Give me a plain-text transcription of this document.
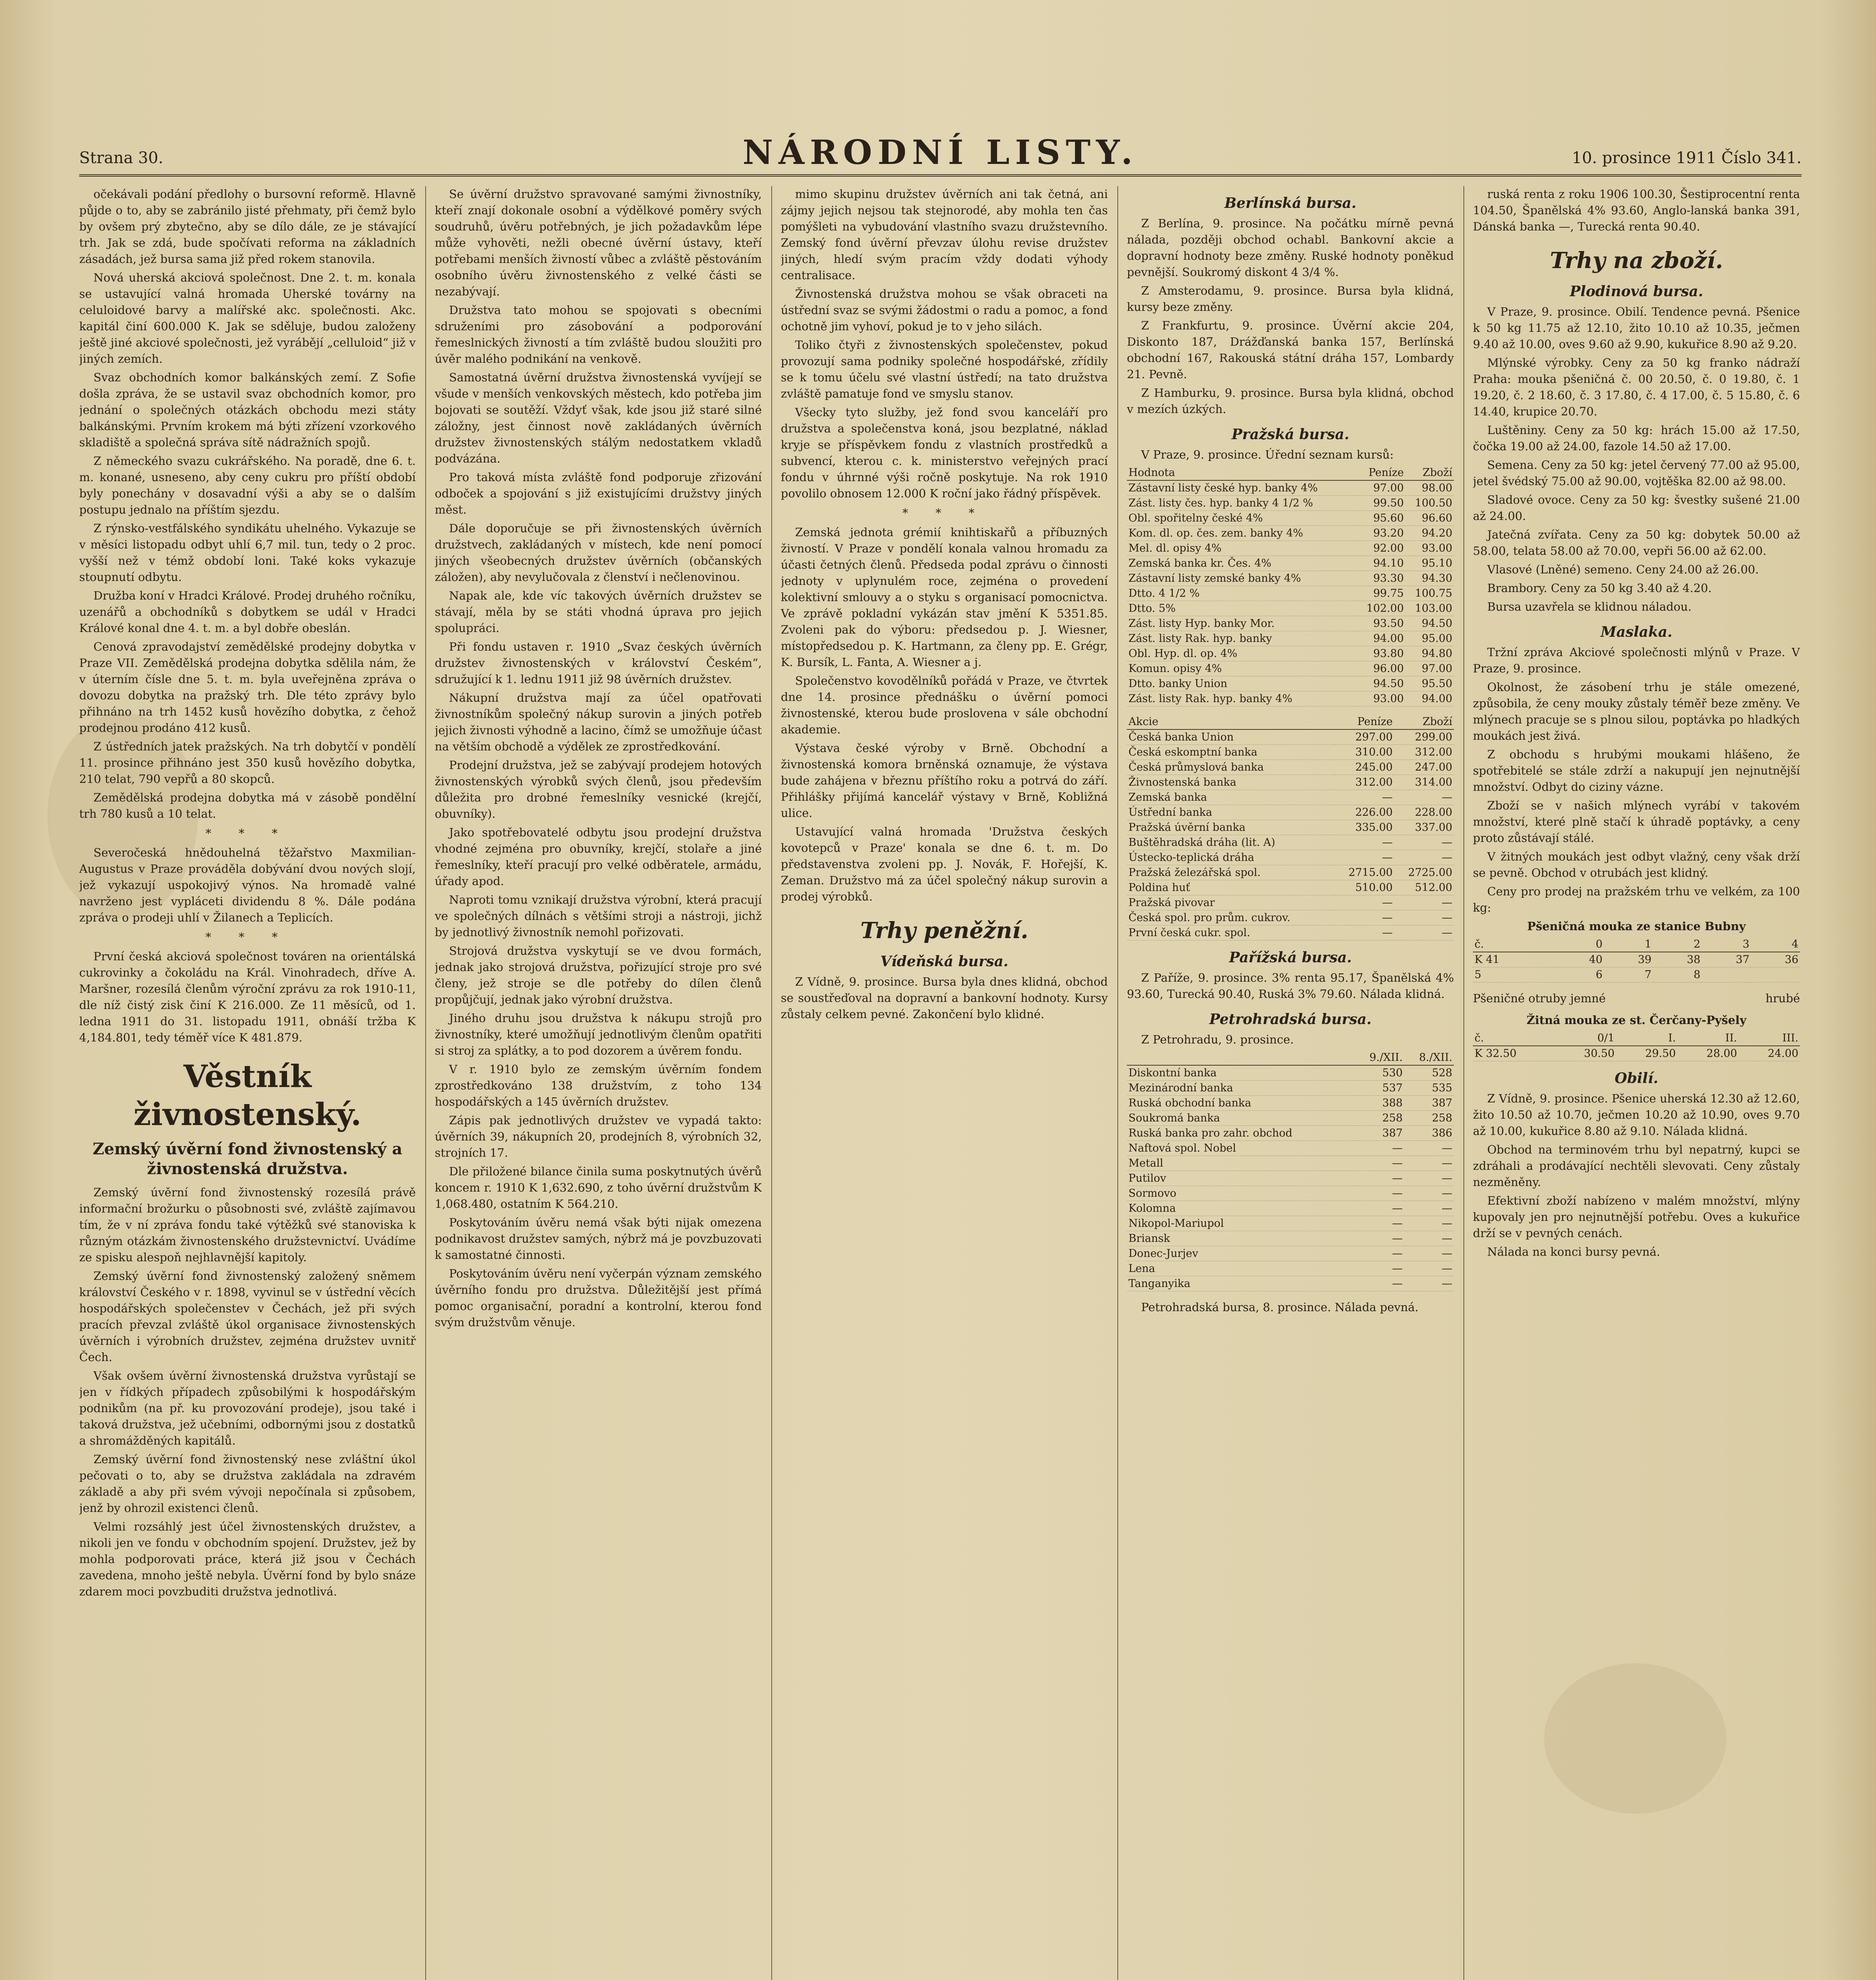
Strana 30.	NÁRODNÍ LISTY.	10. prosince 1911 Číslo 341.

očekávali podání předlohy o bursovní reformě. Hlavně půjde o to, aby se zabránilo jisté přehmaty, při čemž bylo by ovšem prý zbytečno, aby se dílo dále, ze je stávající trh. Jak se zdá, bude spočívati reforma na základních zásadách, jež bursa sama již před rokem stanovila.

Nová uherská akciová společnost. Dne 2. t. m. konala se ustavující valná hromada Uherské továrny na celuloidové barvy a malířské akc. společnosti. Akc. kapitál činí 600.000 K. Jak se sděluje, budou založeny ještě jiné akciové společnosti, jež vyrábějí „celluloid“ již v jiných zemích.

Svaz obchodních komor balkánských zemí. Z Sofie došla zpráva, že se ustavil svaz obchodních komor, pro jednání o společných otázkách obchodu mezi státy balkánskými. Prvním krokem má býti zřízení vzorkového skladiště a společná správa sítě nádražních spojů.

Z německého svazu cukrářského. Na poradě, dne 6. t. m. konané, usneseno, aby ceny cukru pro příští období byly ponechány v dosavadní výši a aby se o dalším postupu jednalo na příštím sjezdu.

Z rýnsko-vestfálského syndikátu uhelného. Vykazuje se v měsíci listopadu odbyt uhlí 6,7 mil. tun, tedy o 2 proc. vyšší než v témž období loni. Také koks vykazuje stoupnutí odbytu.

Družba koní v Hradci Králové. Prodej druhého ročníku, uzenářů a obchodníků s dobytkem se udál v Hradci Králové konal dne 4. t. m. a byl dobře obeslán.

Cenová zpravodajství zemědělské prodejny dobytka v Praze VII. Zemědělská prodejna dobytka sdělila nám, že v úterním čísle dne 5. t. m. byla uveřejněna zpráva o dovozu dobytka na pražský trh. Dle této zprávy bylo přihnáno na trh 1452 kusů hovězího dobytka, z čehož prodejnou prodáno 412 kusů.

Z ústředních jatek pražských. Na trh dobytčí v pondělí 11. prosince přihnáno jest 350 kusů hovězího dobytka, 210 telat, 790 vepřů a 80 skopců.

Zemědělská prodejna dobytka má v zásobě pondělní trh 780 kusů a 10 telat.

* * *

Severočeská hnědouhelná těžařstvo Maxmilian-Augustus v Praze prováděla dobývání dvou nových slojí, jež vykazují uspokojivý výnos. Na hromadě valné navrženo jest vypláceti dividendu 8 %. Dále podána zpráva o prodeji uhlí v Žilanech a Teplicích.

* * *

První česká akciová společnost továren na orientálská cukrovinky a čokoládu na Král. Vinohradech, dříve A. Maršner, rozesílá členům výroční zprávu za rok 1910-11, dle níž čistý zisk činí K 216.000. Ze 11 měsíců, od 1. ledna 1911 do 31. listopadu 1911, obnáší tržba K 4,184.801, tedy téměř více K 481.879.

Věstník živnostenský.
Zemský úvěrní fond živnostenský a živnostenská družstva.

Zemský úvěrní fond živnostenský rozesílá právě informační brožurku o působnosti své, zvláště zajímavou tím, že v ní zpráva fondu také výtěžků své stanoviska k různým otázkám živnostenského družstevnictví. Uvádíme ze spisku alespoň nejhlavnější kapitoly.

Zemský úvěrní fond živnostenský založený sněmem království Českého v r. 1898, vyvinul se v ústřední věcích hospodářských společenstev v Čechách, jež při svých pracích převzal zvláště úkol organisace živnostenských úvěrních i výrobních družstev, zejména družstev uvnitř Čech.

Však ovšem úvěrní živnostenská družstva vyrůstají se jen v řídkých případech způsobilými k hospodářským podnikům (na př. ku provozování prodeje), jsou také i taková družstva, jež učebními, odbornými jsou z dostatků a shromážděných kapitálů.

Zemský úvěrní fond živnostenský nese zvláštní úkol pečovati o to, aby se družstva zakládala na zdravém základě a aby při svém vývoji nepočínala si způsobem, jenž by ohrozil existenci členů.

Velmi rozsáhlý jest účel živnostenských družstev, a nikoli jen ve fondu v obchodním spojení. Družstev, jež by mohla podporovati práce, která již jsou v Čechách zavedena, mnoho ještě nebyla. Úvěrní fond by bylo snáze zdarem moci povzbuditi družstva jednotlivá.

Se úvěrní družstvo spravované samými živnostníky, kteří znají dokonale osobní a výdělkové poměry svých soudruhů, úvěru potřebných, je jich požadavkům lépe může vyhověti, nežli obecné úvěrní ústavy, kteří potřebami menších živností vůbec a zvláště pěstováním osobního úvěru živnostenského z velké části se nezabývají.

Družstva tato mohou se spojovati s obecními sdruženími pro zásobování a podporování řemeslnických živností a tím zvláště budou sloužiti pro úvěr malého podnikání na venkově.

Samostatná úvěrní družstva živnostenská vyvíjejí se všude v menších venkovských městech, kdo potřeba jim bojovati se soutěží. Vždyť však, kde jsou již staré silné záložny, jest činnost nově zakládaných úvěrních družstev živnostenských stálým nedostatkem vkladů podvázána.

Pro taková místa zvláště fond podporuje zřizování odboček a spojování s již existujícími družstvy jiných měst.

Dále doporučuje se při živnostenských úvěrních družstvech, zakládaných v místech, kde není pomocí jiných všeobecných družstev úvěrních (občanských záložen), aby nevylučovala z členství i nečlenovinou.

Napak ale, kde víc takových úvěrních družstev se stávají, měla by se státi vhodná úprava pro jejich spolupráci.

Při fondu ustaven r. 1910 „Svaz českých úvěrních družstev živnostenských v království Českém“, sdružující k 1. lednu 1911 již 98 úvěrních družstev.

Nákupní družstva mají za účel opatřovati živnostníkům společný nákup surovin a jiných potřeb jejich živnosti výhodně a lacino, čímž se umožňuje účast na větším obchodě a výdělek ze zprostředkování.

Prodejní družstva, jež se zabývají prodejem hotových živnostenských výrobků svých členů, jsou především důležita pro drobné řemeslníky vesnické (krejčí, obuvníky).

Jako spotřebovatelé odbytu jsou prodejní družstva vhodné zejména pro obuvníky, krejčí, stolaře a jiné řemeslníky, kteří pracují pro velké odběratele, armádu, úřady apod.

Naproti tomu vznikají družstva výrobní, která pracují ve společných dílnách s většími stroji a nástroji, jichž by jednotlivý živnostník nemohl pořizovati.

Strojová družstva vyskytují se ve dvou formách, jednak jako strojová družstva, pořizující stroje pro své členy, jež stroje se dle potřeby do dílen členů propůjčují, jednak jako výrobní družstva.

Jiného druhu jsou družstva k nákupu strojů pro živnostníky, které umožňují jednotlivým členům opatřiti si stroj za splátky, a to pod dozorem a úvěrem fondu.

V r. 1910 bylo ze zemským úvěrním fondem zprostředkováno 138 družstvím, z toho 134 hospodářských a 145 úvěrních družstev.

Zápis pak jednotlivých družstev ve vypadá takto: úvěrních 39, nákupních 20, prodejních 8, výrobních 32, strojních 17.

Dle přiložené bilance činila suma poskytnutých úvěrů koncem r. 1910 K 1,632.690, z toho úvěrní družstvům K 1,068.480, ostatním K 564.210.

Poskytováním úvěru nemá však býti nijak omezena podnikavost družstev samých, nýbrž má je povzbuzovati k samostatné činnosti.

Poskytováním úvěru není vyčerpán význam zemského úvěrního fondu pro družstva. Důležitější jest přímá pomoc organisační, poradní a kontrolní, kterou fond svým družstvům věnuje.

mimo skupinu družstev úvěrních ani tak četná, ani zájmy jejich nejsou tak stejnorodé, aby mohla ten čas pomýšleti na vybudování vlastního svazu družstevního. Zemský fond úvěrní převzav úlohu revise družstev jiných, hledí svým pracím vždy dodati výhody centralisace.

Živnostenská družstva mohou se však obraceti na ústřední svaz se svými žádostmi o radu a pomoc, a fond ochotně jim vyhoví, pokud je to v jeho silách.

Toliko čtyři z živnostenských společenstev, pokud provozují sama podniky společné hospodářské, zřídily se k tomu účelu své vlastní ústředí; na tato družstva zvláště pamatuje fond ve smyslu stanov.

Všecky tyto služby, jež fond svou kanceláří pro družstva a společenstva koná, jsou bezplatné, náklad kryje se příspěvkem fondu z vlastních prostředků a subvencí, kterou c. k. ministerstvo veřejných prací fondu v úhrnné výši ročně poskytuje. Na rok 1910 povolilo obnosem 12.000 K roční jako řádný příspěvek.

* * *

Zemská jednota grémií knihtiskařů a příbuzných živností. V Praze v pondělí konala valnou hromadu za účasti četných členů. Předseda podal zprávu o činnosti jednoty v uplynulém roce, zejména o provedení kolektivní smlouvy a o styku s organisací pomocnictva. Ve zprávě pokladní vykázán stav jmění K 5351.85. Zvoleni pak do výboru: předsedou p. J. Wiesner, místopředsedou p. K. Hartmann, za členy pp. E. Grégr, K. Bursík, L. Fanta, A. Wiesner a j.

Společenstvo kovodělníků pořádá v Praze, ve čtvrtek dne 14. prosince přednášku o úvěrní pomoci živnostenské, kterou bude proslovena v sále obchodní akademie.

Výstava české výroby v Brně. Obchodní a živnostenská komora brněnská oznamuje, že výstava bude zahájena v březnu příštího roku a potrvá do září. Přihlášky přijímá kancelář výstavy v Brně, Kobližná ulice.

Ustavující valná hromada 'Družstva českých kovotepců v Praze' konala se dne 6. t. m. Do představenstva zvoleni pp. J. Novák, F. Hořejší, K. Zeman. Družstvo má za účel společný nákup surovin a prodej výrobků.

Trhy peněžní.
Vídeňská bursa.

Z Vídně, 9. prosince. Bursa byla dnes klidná, obchod se soustřeďoval na dopravní a bankovní hodnoty. Kursy zůstaly celkem pevné. Zakončení bylo klidné.

Berlínská bursa.

Z Berlína, 9. prosince. Na počátku mírně pevná nálada, později obchod ochabl. Bankovní akcie a dopravní hodnoty beze změny. Ruské hodnoty poněkud pevnější. Soukromý diskont 4 3/4 %.

Z Amsterodamu, 9. prosince. Bursa byla klidná, kursy beze změny.

Z Frankfurtu, 9. prosince. Úvěrní akcie 204, Diskonto 187, Drážďanská banka 157, Berlínská obchodní 167, Rakouská státní dráha 157, Lombardy 21. Pevně.

Z Hamburku, 9. prosince. Bursa byla klidná, obchod v mezích úzkých.

Pražská bursa.

V Praze, 9. prosince. Úřední seznam kursů:

Hodnota	Peníze	Zboží
Zástavní listy české hyp. banky 4%	97.00	98.00
Zást. listy čes. hyp. banky 4 1/2 %	99.50	100.50
Obl. spořitelny české 4%	95.60	96.60
Kom. dl. op. čes. zem. banky 4%	93.20	94.20
Mel. dl. opisy 4%	92.00	93.00
Zemská banka kr. Čes. 4%	94.10	95.10
Zástavní listy zemské banky 4%	93.30	94.30
Dtto. 4 1/2 %	99.75	100.75
Dtto. 5%	102.00	103.00
Zást. listy Hyp. banky Mor.	93.50	94.50
Zást. listy Rak. hyp. banky	94.00	95.00
Obl. Hyp. dl. op. 4%	93.80	94.80
Komun. opisy 4%	96.00	97.00
Dtto. banky Union	94.50	95.50
Zást. listy Rak. hyp. banky 4%	93.00	94.00
Akcie	Peníze	Zboží
Česká banka Union	297.00	299.00
Česká eskomptní banka	310.00	312.00
Česká průmyslová banka	245.00	247.00
Živnostenská banka	312.00	314.00
Zemská banka	—	—
Ústřední banka	226.00	228.00
Pražská úvěrní banka	335.00	337.00
Buštěhradská dráha (lit. A)	—	—
Ústecko-teplická dráha	—	—
Pražská železářská spol.	2715.00	2725.00
Poldina huť	510.00	512.00
Pražská pivovar	—	—
Česká spol. pro prům. cukrov.	—	—
První česká cukr. spol.	—	—
Pařížská bursa.

Z Paříže, 9. prosince. 3% renta 95.17, Španělská 4% 93.60, Turecká 90.40, Ruská 3% 79.60. Nálada klidná.

Petrohradská bursa.

Z Petrohradu, 9. prosince.

	9./XII.	8./XII.
Diskontní banka	530	528
Mezinárodní banka	537	535
Ruská obchodní banka	388	387
Soukromá banka	258	258
Ruská banka pro zahr. obchod	387	386
Naftová spol. Nobel	—	—
Metall	—	—
Putilov	—	—
Sormovo	—	—
Kolomna	—	—
Nikopol-Mariupol	—	—
Briansk	—	—
Donec-Jurjev	—	—
Lena	—	—
Tanganyika	—	—

Petrohradská bursa, 8. prosince. Nálada pevná.

ruská renta z roku 1906 100.30, Šestiprocentní renta 104.50, Španělská 4% 93.60, Anglo-lanská banka 391, Dánská banka —, Turecká renta 90.40.

Trhy na zboží.
Plodinová bursa.

V Praze, 9. prosince. Obilí. Tendence pevná. Pšenice k 50 kg 11.75 až 12.10, žito 10.10 až 10.35, ječmen 9.40 až 10.00, oves 9.60 až 9.90, kukuřice 8.90 až 9.20.

Mlýnské výrobky. Ceny za 50 kg franko nádraží Praha: mouka pšeničná č. 00 20.50, č. 0 19.80, č. 1 19.20, č. 2 18.60, č. 3 17.80, č. 4 17.00, č. 5 15.80, č. 6 14.40, krupice 20.70.

Luštěniny. Ceny za 50 kg: hrách 15.00 až 17.50, čočka 19.00 až 24.00, fazole 14.50 až 17.00.

Semena. Ceny za 50 kg: jetel červený 77.00 až 95.00, jetel švédský 75.00 až 90.00, vojtěška 82.00 až 98.00.

Sladové ovoce. Ceny za 50 kg: švestky sušené 21.00 až 24.00.

Jatečná zvířata. Ceny za 50 kg: dobytek 50.00 až 58.00, telata 58.00 až 70.00, vepři 56.00 až 62.00.

Vlasové (Lněné) semeno. Ceny 24.00 až 26.00.

Brambory. Ceny za 50 kg 3.40 až 4.20.

Bursa uzavřela se klidnou náladou.

Maslaka.

Tržní zpráva Akciové společnosti mlýnů v Praze. V Praze, 9. prosince.

Okolnost, že zásobení trhu je stále omezené, způsobila, že ceny mouky zůstaly téměř beze změny. Ve mlýnech pracuje se s plnou silou, poptávka po hladkých moukách jest živá.

Z obchodu s hrubými moukami hlášeno, že spotřebitelé se stále zdrží a nakupují jen nejnutnější množství. Odbyt do ciziny vázne.

Zboží se v našich mlýnech vyrábí v takovém množství, které plně stačí k úhradě poptávky, a ceny proto zůstávají stálé.

V žitných moukách jest odbyt vlažný, ceny však drží se pevně. Obchod v otrubách jest klidný.

Ceny pro prodej na pražském trhu ve velkém, za 100 kg:

Pšeničná mouka ze stanice Bubny
č.	0	1	2	3	4
K 41	40	39	38	37	36
5	6	7	8		
Pšeničné otruby jemné	hrubé
Žitná mouka ze st. Čerčany-Pyšely
č.	0/1	I.	II.	III.
K 32.50	30.50	29.50	28.00	24.00
Obilí.

Z Vídně, 9. prosince. Pšenice uherská 12.30 až 12.60, žito 10.50 až 10.70, ječmen 10.20 až 10.90, oves 9.70 až 10.00, kukuřice 8.80 až 9.10. Nálada klidná.

Obchod na terminovém trhu byl nepatrný, kupci se zdráhali a prodávající nechtěli slevovati. Ceny zůstaly nezměněny.

Efektivní zboží nabízeno v malém množství, mlýny kupovaly jen pro nejnutnější potřebu. Oves a kukuřice drží se v pevných cenách.

Nálada na konci bursy pevná.
